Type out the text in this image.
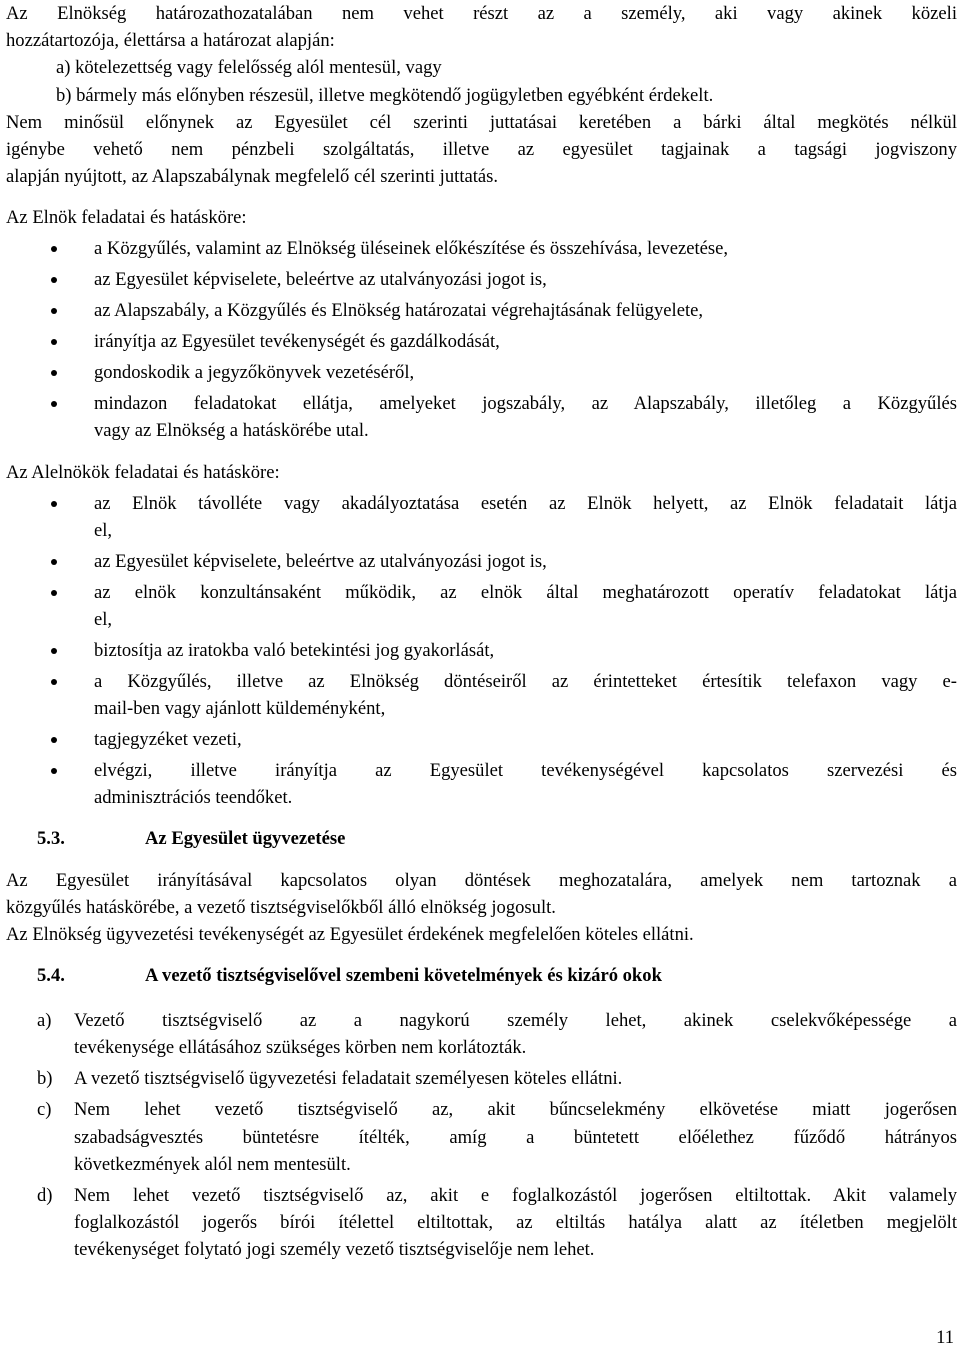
Az Elnökség határozathozatalában nem vehet részt az a személy, aki vagy akinek közeli
hozzátartozója, élettársa a határozat alapján:
a) kötelezettség vagy felelősség alól mentesül, vagy
b) bármely más előnyben részesül, illetve megkötendő jogügyletben egyébként érdekelt.
Nem minősül előnynek az Egyesület cél szerinti juttatásai keretében a bárki által megkötés nélkül
igénybe vehető nem pénzbeli szolgáltatás, illetve az egyesület tagjainak a tagsági jogviszony
alapján nyújtott, az Alapszabálynak megfelelő cél szerinti juttatás.
Az Elnök feladatai és hatásköre:
a Közgyűlés, valamint az Elnökség üléseinek előkészítése és összehívása, levezetése,
az Egyesület képviselete, beleértve az utalványozási jogot is,
az Alapszabály, a Közgyűlés és Elnökség határozatai végrehajtásának felügyelete,
irányítja az Egyesület tevékenységét és gazdálkodását,
gondoskodik a jegyzőkönyvek vezetéséről,
mindazon feladatokat ellátja, amelyeket jogszabály, az Alapszabály, illetőleg a Közgyűlés
vagy az Elnökség a hatáskörébe utal.
Az Alelnökök feladatai és hatásköre:
az Elnök távolléte vagy akadályoztatása esetén az Elnök helyett, az Elnök feladatait látja
el,
az Egyesület képviselete, beleértve az utalványozási jogot is,
az elnök konzultánsaként működik, az elnök által meghatározott operatív feladatokat látja
el,
biztosítja az iratokba való betekintési jog gyakorlását,
a Közgyűlés, illetve az Elnökség döntéseiről az érintetteket értesítik telefaxon vagy e-
mail-ben vagy ajánlott küldeményként,
tagjegyzéket vezeti,
elvégzi, illetve irányítja az Egyesület tevékenységével kapcsolatos szervezési és
adminisztrációs teendőket.
5.3.	Az Egyesület ügyvezetése
Az Egyesület irányításával kapcsolatos olyan döntések meghozatalára, amelyek nem tartoznak a
közgyűlés hatáskörébe, a vezető tisztségviselőkből álló elnökség jogosult.
Az Elnökség ügyvezetési tevékenységét az Egyesület érdekének megfelelően köteles ellátni.
5.4.	A vezető tisztségviselővel szembeni követelmények és kizáró okok
a) Vezető tisztségviselő az a nagykorú személy lehet, akinek cselekvőképessége a
tevékenysége ellátásához szükséges körben nem korlátozták.
b) A vezető tisztségviselő ügyvezetési feladatait személyesen köteles ellátni.
c) Nem lehet vezető tisztségviselő az, akit bűncselekmény elkövetése miatt jogerősen
szabadságvesztés büntetésre ítélték, amíg a büntetett előélethez fűződő hátrányos
következmények alól nem mentesült.
d) Nem lehet vezető tisztségviselő az, akit e foglalkozástól jogerősen eltiltottak. Akit valamely
foglalkozástól jogerős bírói ítélettel eltiltottak, az eltiltás hatálya alatt az ítéletben megjelölt
tevékenységet folytató jogi személy vezető tisztségviselője nem lehet.
11
